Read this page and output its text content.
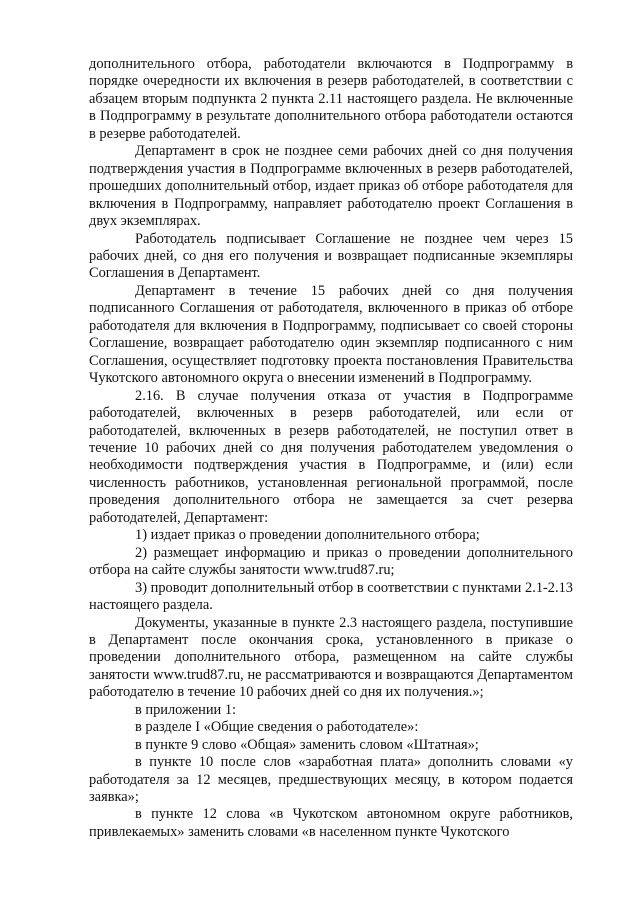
дополнительного отбора, работодатели включаются в Подпрограмму в порядке очередности их включения в резерв работодателей, в соответствии с абзацем вторым подпункта 2 пункта 2.11 настоящего раздела. Не включенные в Подпрограмму в результате дополнительного отбора работодатели остаются в резерве работодателей.

Департамент в срок не позднее семи рабочих дней со дня получения подтверждения участия в Подпрограмме включенных в резерв работодателей, прошедших дополнительный отбор, издает приказ об отборе работодателя для включения в Подпрограмму, направляет работодателю проект Соглашения в двух экземплярах.

Работодатель подписывает Соглашение не позднее чем через 15 рабочих дней, со дня его получения и возвращает подписанные экземпляры Соглашения в Департамент.

Департамент в течение 15 рабочих дней со дня получения подписанного Соглашения от работодателя, включенного в приказ об отборе работодателя для включения в Подпрограмму, подписывает со своей стороны Соглашение, возвращает работодателю один экземпляр подписанного с ним Соглашения, осуществляет подготовку проекта постановления Правительства Чукотского автономного округа о внесении изменений в Подпрограмму.

2.16. В случае получения отказа от участия в Подпрограмме работодателей, включенных в резерв работодателей, или если от работодателей, включенных в резерв работодателей, не поступил ответ в течение 10 рабочих дней со дня получения работодателем уведомления о необходимости подтверждения участия в Подпрограмме, и (или) если численность работников, установленная региональной программой, после проведения дополнительного отбора не замещается за счет резерва работодателей, Департамент:

1) издает приказ о проведении дополнительного отбора;

2) размещает информацию и приказ о проведении дополнительного отбора на сайте службы занятости www.trud87.ru;

3) проводит дополнительный отбор в соответствии с пунктами 2.1-2.13 настоящего раздела.

Документы, указанные в пункте 2.3 настоящего раздела, поступившие в Департамент после окончания срока, установленного в приказе о проведении дополнительного отбора, размещенном на сайте службы занятости www.trud87.ru, не рассматриваются и возвращаются Департаментом работодателю в течение 10 рабочих дней со дня их получения.»;

в приложении 1:

в разделе I «Общие сведения о работодателе»:

в пункте 9 слово «Общая» заменить словом «Штатная»;

в пункте 10 после слов «заработная плата» дополнить словами «у работодателя за 12 месяцев, предшествующих месяцу, в котором подается заявка»;

в пункте 12 слова «в Чукотском автономном округе работников, привлекаемых» заменить словами «в населенном пункте Чукотского
